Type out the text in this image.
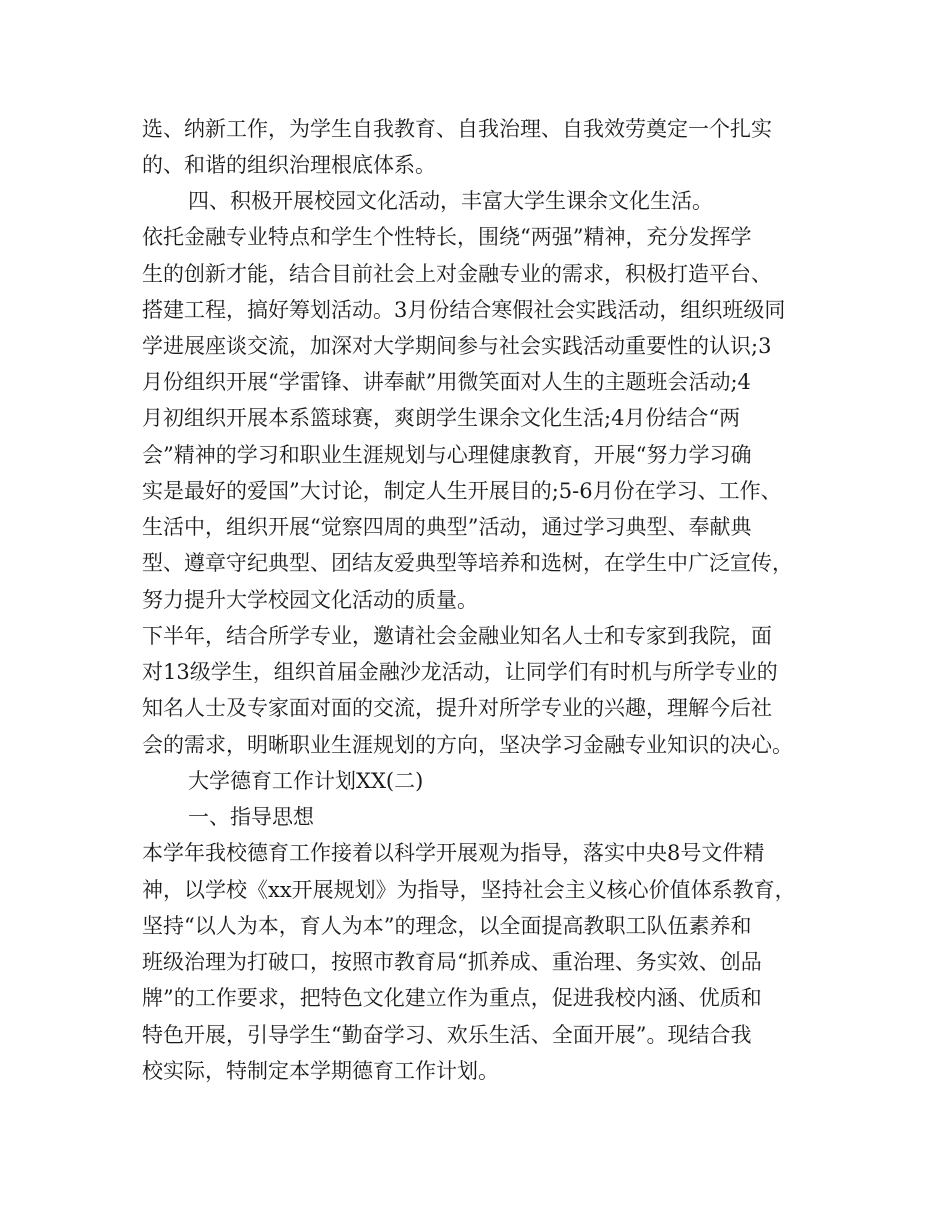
选、纳新工作，为学生自我教育、自我治理、自我效劳奠定一个扎实

的、和谐的组织治理根底体系。

四、积极开展校园文化活动，丰富大学生课余文化生活。

依托金融专业特点和学生个性特长，围绕“两强”精神，充分发挥学

生的创新才能，结合目前社会上对金融专业的需求，积极打造平台、

搭建工程，搞好筹划活动。3月份结合寒假社会实践活动，组织班级同

学进展座谈交流，加深对大学期间参与社会实践活动重要性的认识;3

月份组织开展“学雷锋、讲奉献”用微笑面对人生的主题班会活动;4

月初组织开展本系篮球赛，爽朗学生课余文化生活;4月份结合“两

会”精神的学习和职业生涯规划与心理健康教育，开展“努力学习确

实是最好的爱国”大讨论，制定人生开展目的;5-6月份在学习、工作、

生活中，组织开展“觉察四周的典型”活动，通过学习典型、奉献典

型、遵章守纪典型、团结友爱典型等培养和选树，在学生中广泛宣传，

努力提升大学校园文化活动的质量。

下半年，结合所学专业，邀请社会金融业知名人士和专家到我院，面

对13级学生，组织首届金融沙龙活动，让同学们有时机与所学专业的

知名人士及专家面对面的交流，提升对所学专业的兴趣，理解今后社

会的需求，明晰职业生涯规划的方向，坚决学习金融专业知识的决心。

大学德育工作计划XX(二)

一、指导思想

本学年我校德育工作接着以科学开展观为指导，落实中央8号文件精

神，以学校《xx开展规划》为指导，坚持社会主义核心价值体系教育，

坚持“以人为本，育人为本”的理念，以全面提高教职工队伍素养和

班级治理为打破口，按照市教育局“抓养成、重治理、务实效、创品

牌”的工作要求，把特色文化建立作为重点，促进我校内涵、优质和

特色开展，引导学生“勤奋学习、欢乐生活、全面开展”。现结合我

校实际，特制定本学期德育工作计划。
